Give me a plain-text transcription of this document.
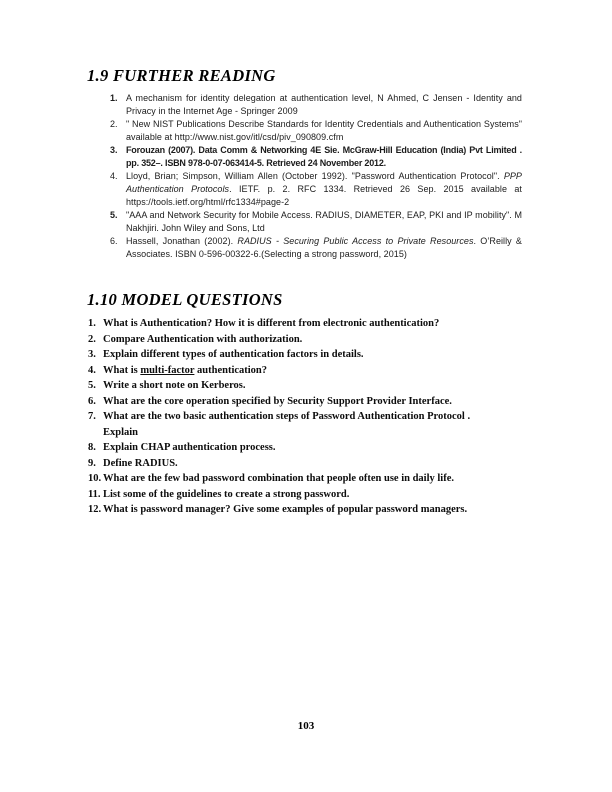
1.9 FURTHER READING
1. A mechanism for identity delegation at authentication level, N Ahmed, C Jensen - Identity and Privacy in the Internet Age - Springer 2009
2. " New NIST Publications Describe Standards for Identity Credentials and Authentication Systems" available at http://www.nist.gov/itl/csd/piv_090809.cfm
3. Forouzan (2007). Data Comm & Networking 4E Sie. McGraw-Hill Education (India) Pvt Limited . pp. 352–. ISBN 978-0-07-063414-5. Retrieved 24 November 2012.
4. Lloyd, Brian; Simpson, William Allen (October 1992). "Password Authentication Protocol". PPP Authentication Protocols. IETF. p. 2. RFC 1334. Retrieved 26 Sep. 2015 available at https://tools.ietf.org/html/rfc1334#page-2
5. "AAA and Network Security for Mobile Access. RADIUS, DIAMETER, EAP, PKI and IP mobility". M Nakhjiri. John Wiley and Sons, Ltd
6. Hassell, Jonathan (2002). RADIUS - Securing Public Access to Private Resources. O’Reilly & Associates. ISBN 0-596-00322-6.(Selecting a strong password, 2015)
1.10 MODEL QUESTIONS
1. What is Authentication? How it is different from electronic authentication?
2. Compare Authentication with authorization.
3. Explain different types of authentication factors in details.
4. What is multi-factor authentication?
5. Write a short note on Kerberos.
6. What are the core operation specified by Security Support Provider Interface.
7. What are the two basic authentication steps of Password Authentication Protocol .
Explain
8. Explain CHAP authentication process.
9. Define RADIUS.
10. What are the few bad password combination that people often use in daily life.
11. List some of the guidelines to create a strong password.
12. What is password manager? Give some examples of popular password managers.
103
